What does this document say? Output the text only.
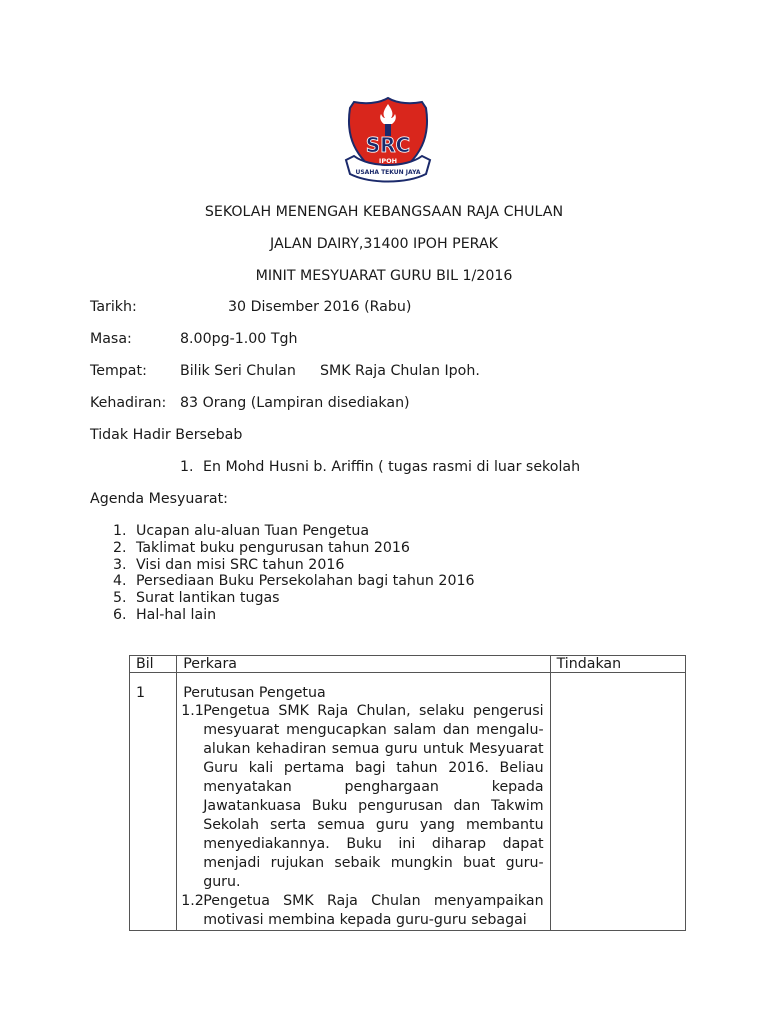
SRC
IPOH
USAHA TEKUN JAYA
SEKOLAH MENENGAH KEBANGSAAN RAJA CHULAN
JALAN DAIRY,31400 IPOH PERAK
MINIT MESYUARAT GURU BIL 1/2016
Tarikh:	30 Disember 2016 (Rabu)
Masa:	8.00pg-1.00 Tgh
Tempat: Bilik Seri Chulan SMK Raja Chulan Ipoh.
Kehadiran: 83 Orang (Lampiran disediakan)
Tidak Hadir Bersebab
1. En Mohd Husni b. Ariffin ( tugas rasmi di luar sekolah
Agenda Mesyuarat:
1. Ucapan alu-aluan Tuan Pengetua
2. Taklimat buku pengurusan tahun 2016
3. Visi dan misi SRC tahun 2016
4. Persediaan Buku Persekolahan bagi tahun 2016
5. Surat lantikan tugas
6. Hal-hal lain
Bil	Perkara	Tindakan
1	Perutusan Pengetua
1.1 Pengetua SMK Raja Chulan, selaku pengerusi mesyuarat mengucapkan salam dan mengalu-alukan kehadiran semua guru untuk Mesyuarat Guru kali pertama bagi tahun 2016. Beliau menyatakan penghargaan kepada Jawatankuasa Buku pengurusan dan Takwim Sekolah serta semua guru yang membantu menyediakannya. Buku ini diharap dapat menjadi rujukan sebaik mungkin buat guru-guru.
1.2 Pengetua SMK Raja Chulan menyampaikan motivasi membina kepada guru-guru sebagai	
